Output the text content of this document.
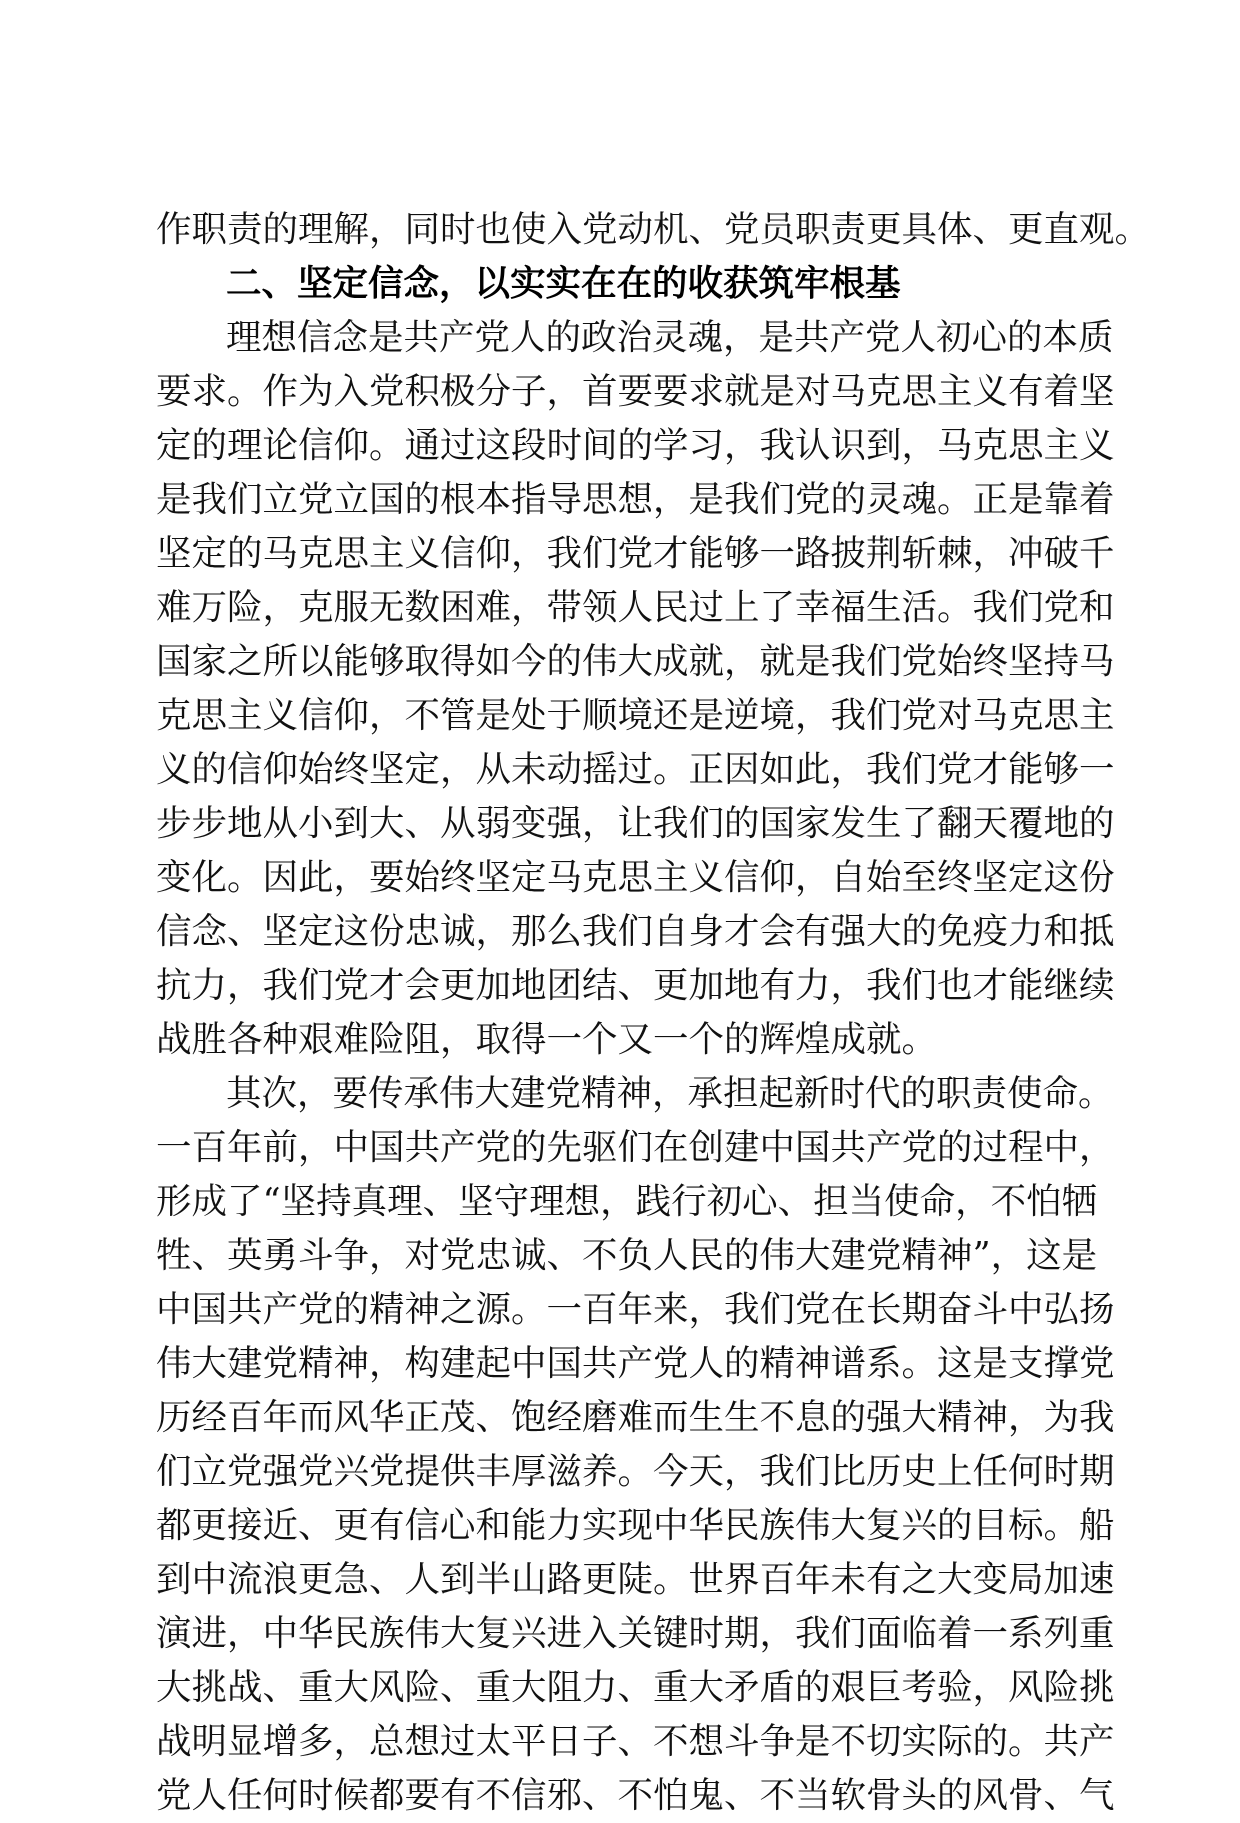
作职责的理解，同时也使入党动机、党员职责更具体、更直观。
二、坚定信念，以实实在在的收获筑牢根基
理想信念是共产党人的政治灵魂，是共产党人初心的本质
要求。作为入党积极分子，首要要求就是对马克思主义有着坚
定的理论信仰。通过这段时间的学习，我认识到，马克思主义
是我们立党立国的根本指导思想，是我们党的灵魂。正是靠着
坚定的马克思主义信仰，我们党才能够一路披荆斩棘，冲破千
难万险，克服无数困难，带领人民过上了幸福生活。我们党和
国家之所以能够取得如今的伟大成就，就是我们党始终坚持马
克思主义信仰，不管是处于顺境还是逆境，我们党对马克思主
义的信仰始终坚定，从未动摇过。正因如此，我们党才能够一
步步地从小到大、从弱变强，让我们的国家发生了翻天覆地的
变化。因此，要始终坚定马克思主义信仰，自始至终坚定这份
信念、坚定这份忠诚，那么我们自身才会有强大的免疫力和抵
抗力，我们党才会更加地团结、更加地有力，我们也才能继续
战胜各种艰难险阻，取得一个又一个的辉煌成就。
其次，要传承伟大建党精神，承担起新时代的职责使命。
一百年前，中国共产党的先驱们在创建中国共产党的过程中，
形成了“坚持真理、坚守理想，践行初心、担当使命，不怕牺
牲、英勇斗争，对党忠诚、不负人民的伟大建党精神”，这是
中国共产党的精神之源。一百年来，我们党在长期奋斗中弘扬
伟大建党精神，构建起中国共产党人的精神谱系。这是支撑党
历经百年而风华正茂、饱经磨难而生生不息的强大精神，为我
们立党强党兴党提供丰厚滋养。今天，我们比历史上任何时期
都更接近、更有信心和能力实现中华民族伟大复兴的目标。船
到中流浪更急、人到半山路更陡。世界百年未有之大变局加速
演进，中华民族伟大复兴进入关键时期，我们面临着一系列重
大挑战、重大风险、重大阻力、重大矛盾的艰巨考验，风险挑
战明显增多，总想过太平日子、不想斗争是不切实际的。共产
党人任何时候都要有不信邪、不怕鬼、不当软骨头的风骨、气
